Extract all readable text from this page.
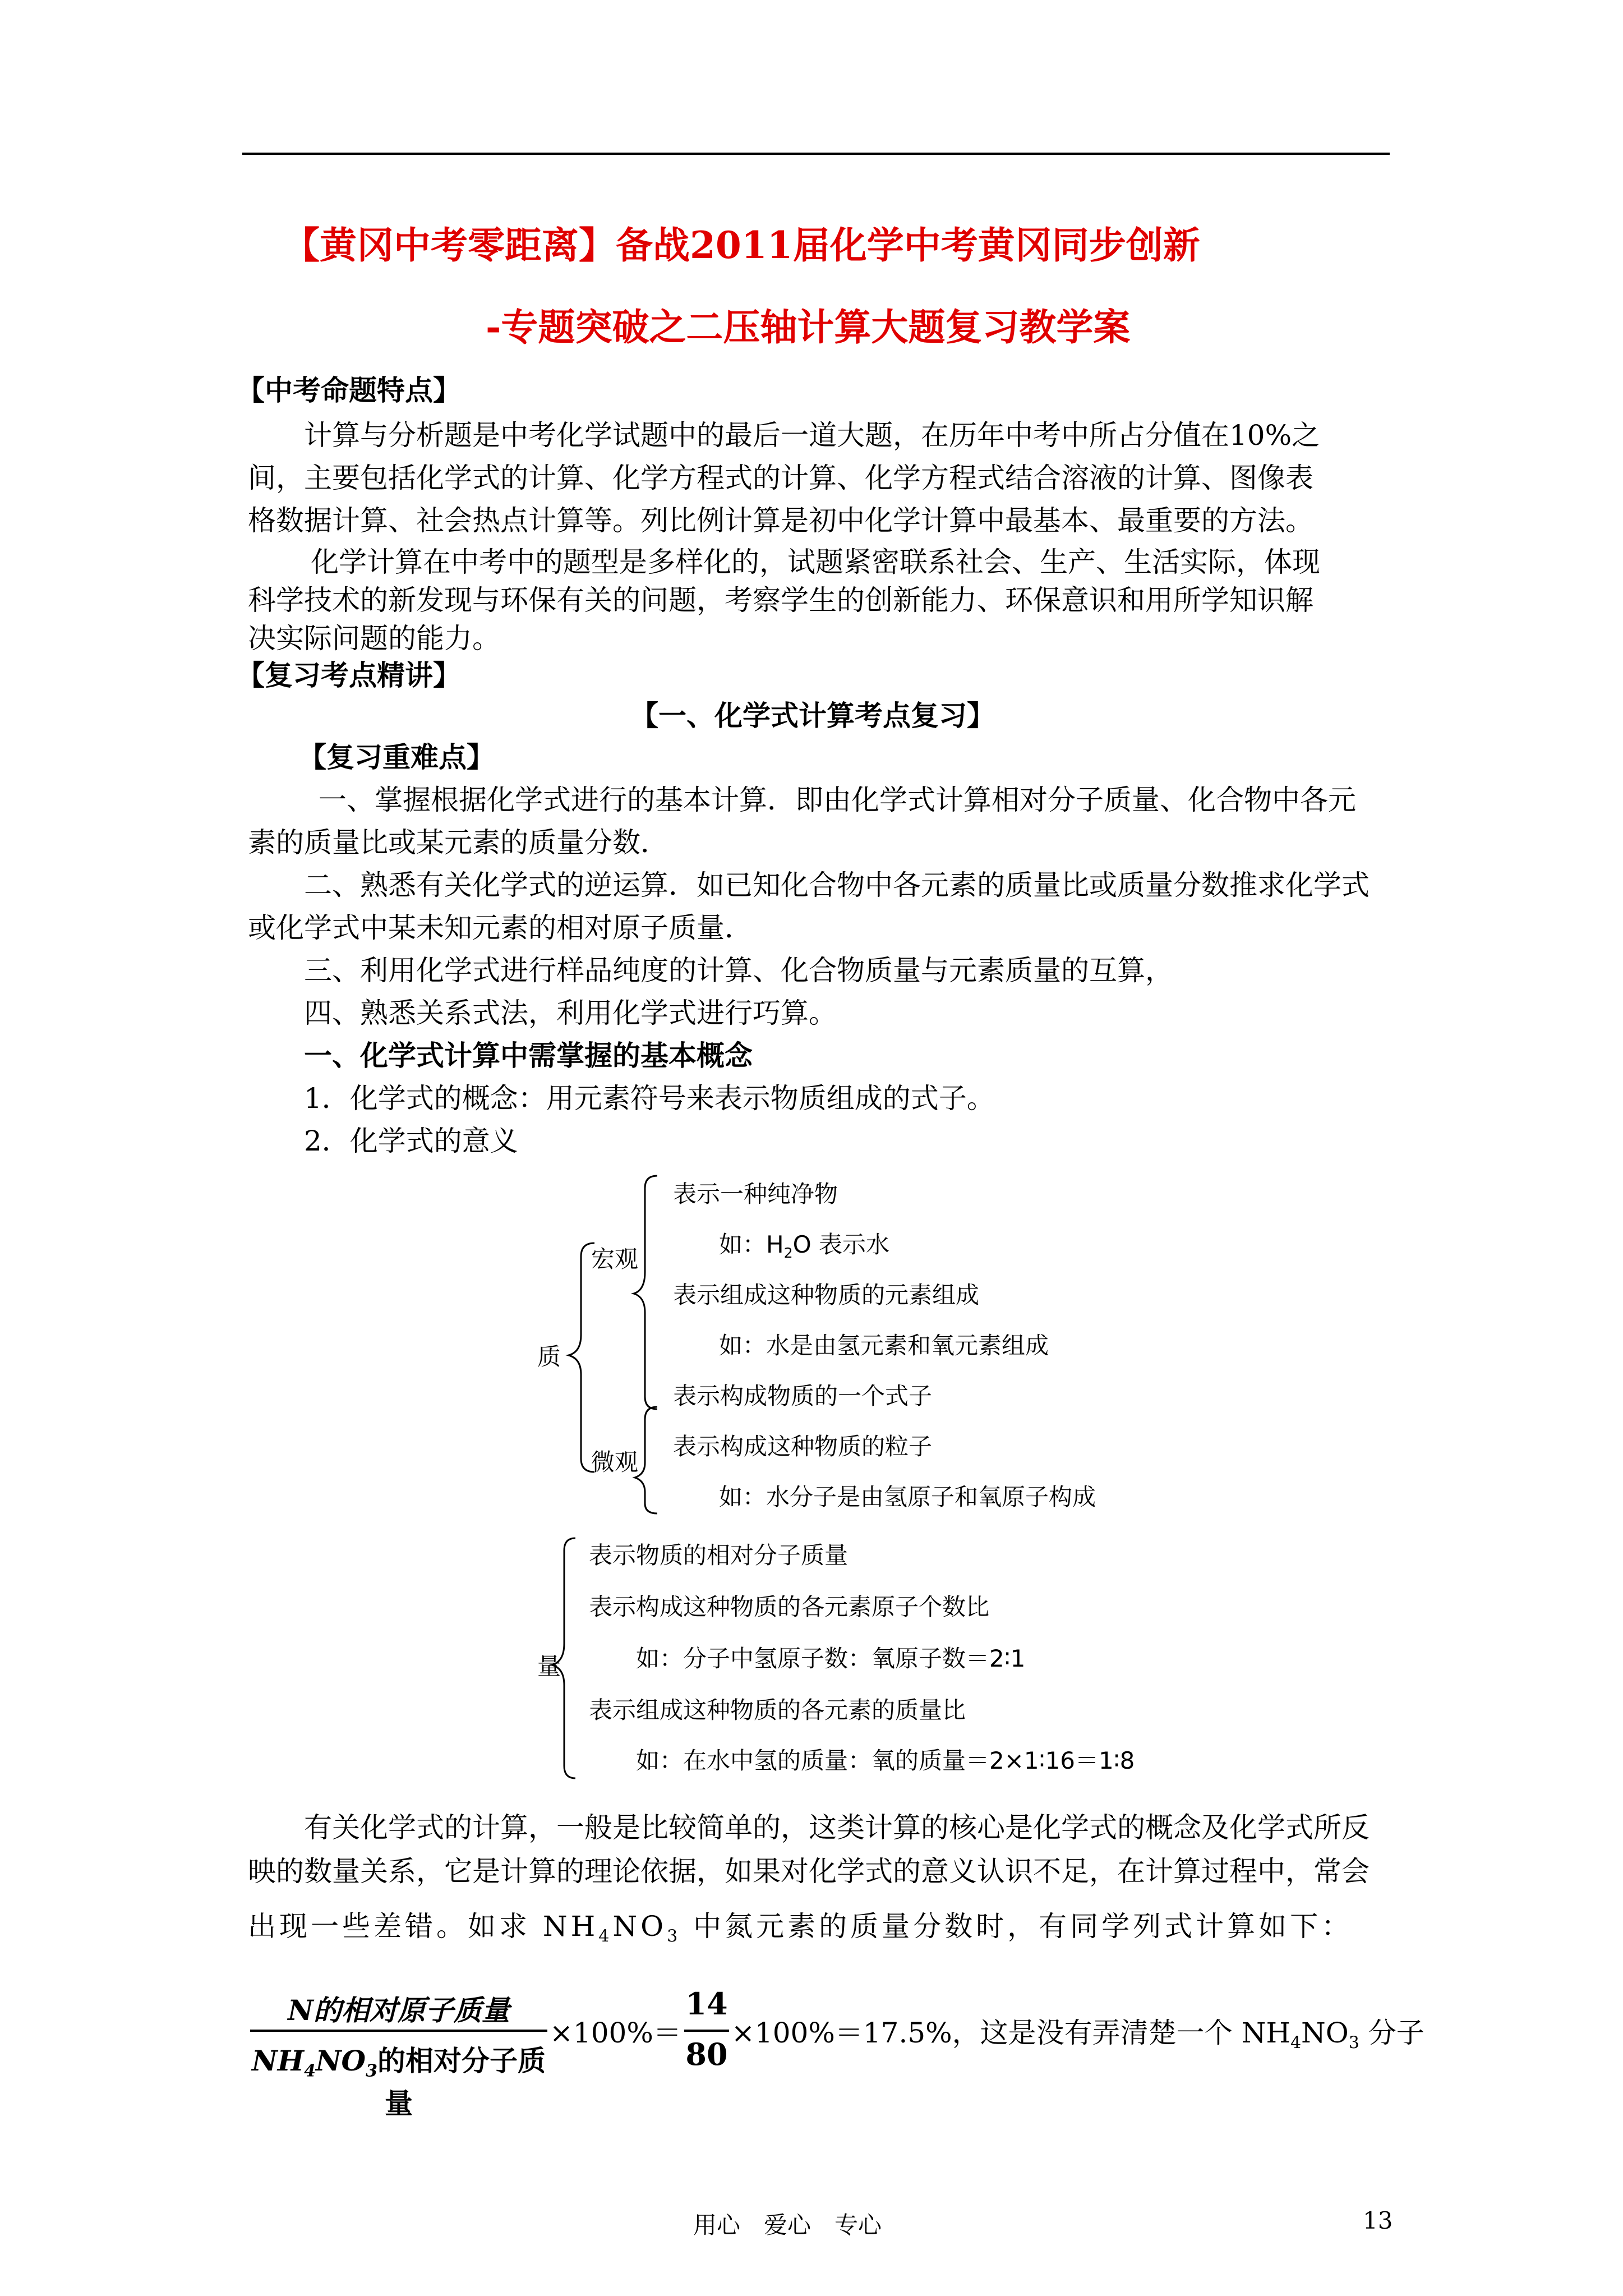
【黄冈中考零距离】备战2011届化学中考黄冈同步创新
-专题突破之二压轴计算大题复习教学案
【中考命题特点】
计算与分析题是中考化学试题中的最后一道大题，在历年中考中所占分值在10%之
间，主要包括化学式的计算、化学方程式的计算、化学方程式结合溶液的计算、图像表
格数据计算、社会热点计算等。列比例计算是初中化学计算中最基本、最重要的方法。
化学计算在中考中的题型是多样化的，试题紧密联系社会、生产、生活实际，体现
科学技术的新发现与环保有关的问题，考察学生的创新能力、环保意识和用所学知识解
决实际问题的能力。
【复习考点精讲】
【一、化学式计算考点复习】
【复习重难点】
一、掌握根据化学式进行的基本计算．即由化学式计算相对分子质量、化合物中各元
素的质量比或某元素的质量分数．
二、熟悉有关化学式的逆运算．如已知化合物中各元素的质量比或质量分数推求化学式
或化学式中某未知元素的相对原子质量．
三、利用化学式进行样品纯度的计算、化合物质量与元素质量的互算，
四、熟悉关系式法，利用化学式进行巧算。
一、化学式计算中需掌握的基本概念
1．化学式的概念：用元素符号来表示物质组成的式子。
2．化学式的意义
质
宏观
微观
表示一种纯净物
如：$H_2O$ 表示水
表示组成这种物质的元素组成
如：水是由氢元素和氧元素组成
表示构成物质的一个式子
表示构成这种物质的粒子
如：水分子是由氢原子和氧原子构成
量
表示物质的相对分子质量
表示构成这种物质的各元素原子个数比
如：分子中氢原子数：氧原子数＝2∶1
表示组成这种物质的各元素的质量比
如：在水中氢的质量：氧的质量＝2×1∶16＝1∶8
有关化学式的计算，一般是比较简单的，这类计算的核心是化学式的概念及化学式所反
映的数量关系，它是计算的理论依据，如果对化学式的意义认识不足，在计算过程中，常会
出现一些差错。如求 $NH_4NO_3$ 中氮元素的质量分数时，有同学列式计算如下：
N的相对原子质量
$NH_4NO_3$的相对分子质量
×100%＝
14
80
×100%＝17.5%，这是没有弄清楚一个 $NH_4NO_3$ 分子
用心　爱心　专心	13
